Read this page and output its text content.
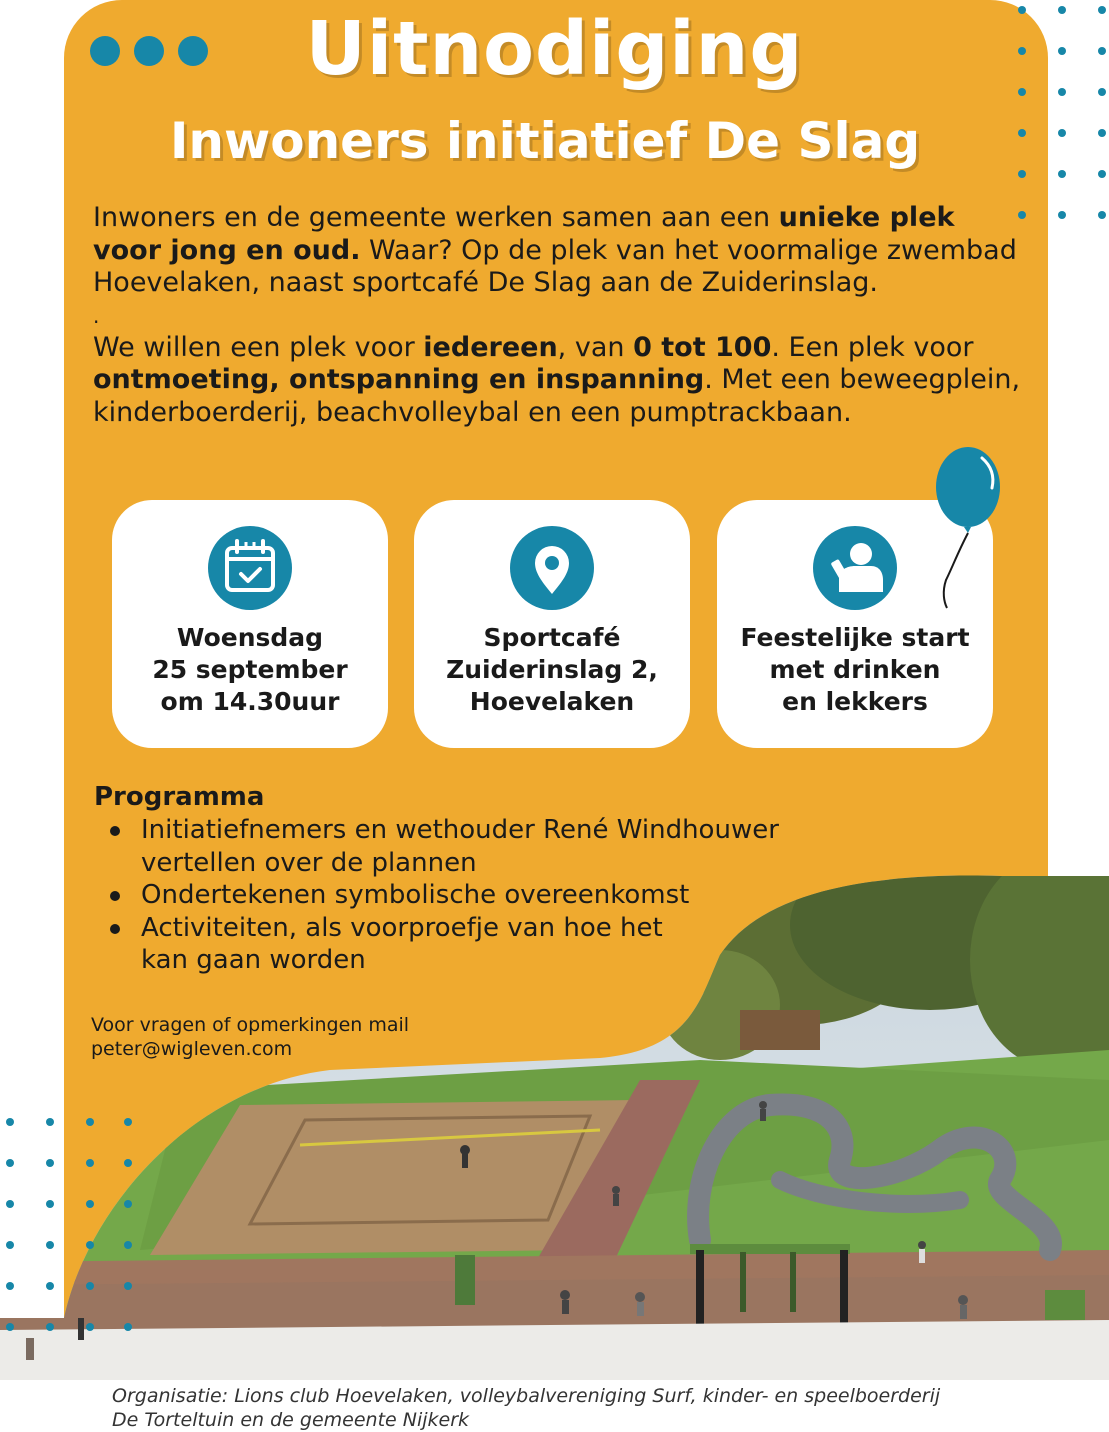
Uitnodiging
Inwoners initiatief De Slag

Inwoners en de gemeente werken samen aan een unieke plek voor jong en oud. Waar? Op de plek van het voormalige zwembad Hoevelaken, naast sportcafé De Slag aan de Zuiderinslag.

.

We willen een plek voor iedereen, van 0 tot 100. Een plek voor ontmoeting, ontspanning en inspanning. Met een beweegplein, kinderboerderij, beachvolleybal en een pumptrackbaan.

Woensdag
25 september
om 14.30uur
Sportcafé
Zuiderinslag 2,
Hoevelaken
Feestelijke start
met drinken
en lekkers
Programma
Initiatiefnemers en wethouder René Windhouwer vertellen over de plannen
Ondertekenen symbolische overeenkomst
Activiteiten, als voorproefje van hoe het kan gaan worden
Voor vragen of opmerkingen mail
peter@wigleven.com
Organisatie: Lions club Hoevelaken, volleybalvereniging Surf, kinder- en speelboerderij
De Torteltuin en de gemeente Nijkerk
